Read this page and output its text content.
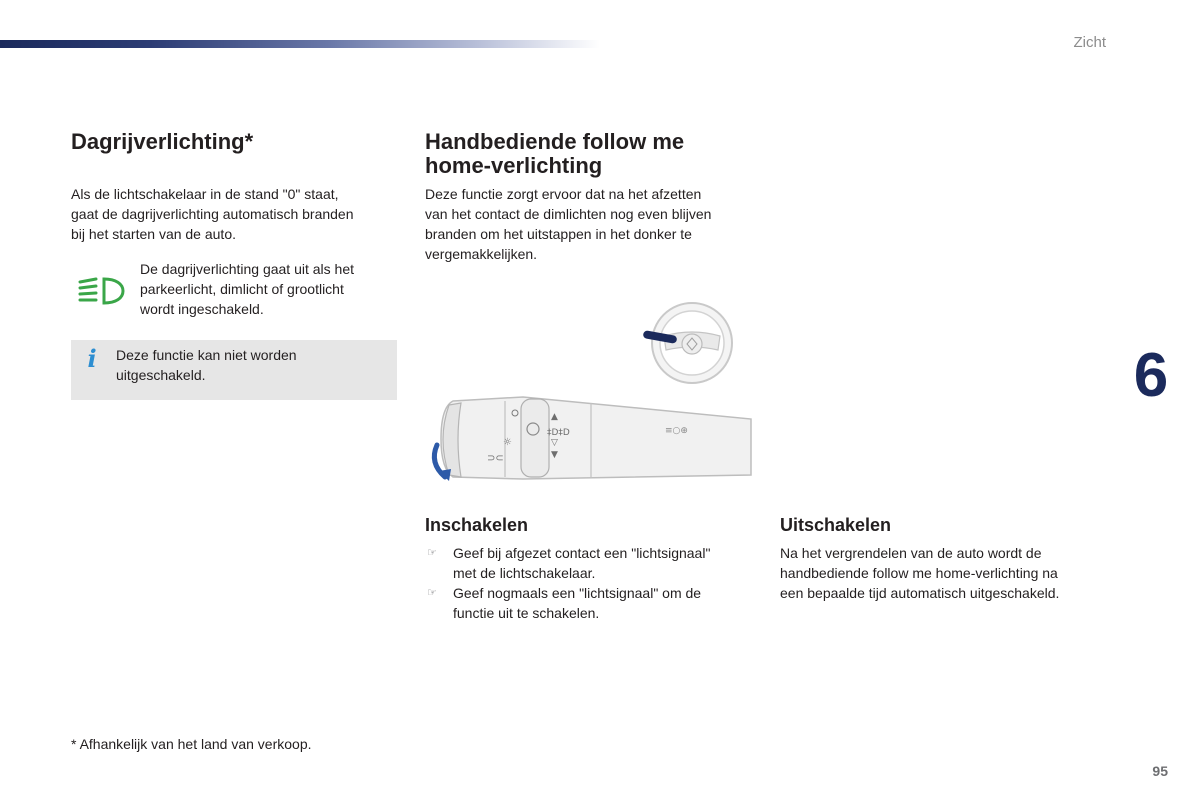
Zicht
Dagrijverlichting*

Als de lichtschakelaar in de stand "0" staat,

gaat de dagrijverlichting automatisch branden

bij het starten van de auto.

De dagrijverlichting gaat uit als het

parkeerlicht, dimlicht of grootlicht

wordt ingeschakeld.

i Deze functie kan niet worden

uitgeschakeld.

* Afhankelijk van het land van verkoop.
Handbediende follow me
home-verlichting

Deze functie zorgt ervoor dat na het afzetten

van het contact de dimlichten nog even blijven

branden om het uitstappen in het donker te

vergemakkelijken.

☼
⊃⊂
▲
‡D‡D
▽
▼
≡○⊕
Inschakelen
☞ Geef bij afgezet contact een "lichtsignaal"

met de lichtschakelaar.

☞ Geef nogmaals een "lichtsignaal" om de

functie uit te schakelen.

Uitschakelen

Na het vergrendelen van de auto wordt de

handbediende follow me home-verlichting na

een bepaalde tijd automatisch uitgeschakeld.

6
95
